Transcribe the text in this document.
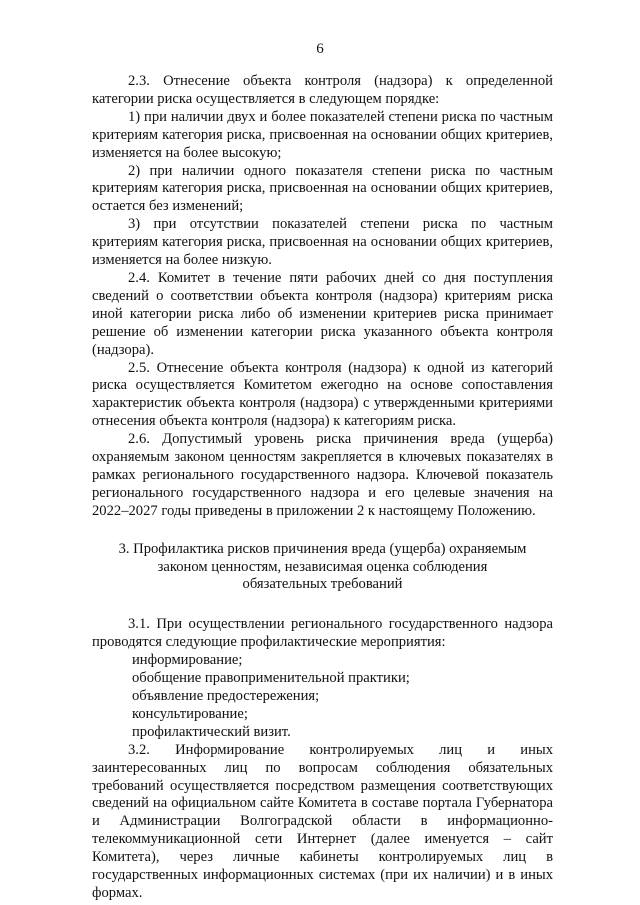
6

2.3. Отнесение объекта контроля (надзора) к определенной категории риска осуществляется в следующем порядке:

1) при наличии двух и более показателей степени риска по частным критериям категория риска, присвоенная на основании общих критериев, изменяется на более высокую;

2) при наличии одного показателя степени риска по частным критериям категория риска, присвоенная на основании общих критериев, остается без изменений;

3) при отсутствии показателей степени риска по частным критериям категория риска, присвоенная на основании общих критериев, изменяется на более низкую.

2.4. Комитет в течение пяти рабочих дней со дня поступления сведений о соответствии объекта контроля (надзора) критериям риска иной категории риска либо об изменении критериев риска принимает решение об изменении категории риска указанного объекта контроля (надзора).

2.5. Отнесение объекта контроля (надзора) к одной из категорий риска осуществляется Комитетом ежегодно на основе сопоставления характеристик объекта контроля (надзора) с утвержденными критериями отнесения объекта контроля (надзора) к категориям риска.

2.6. Допустимый уровень риска причинения вреда (ущерба) охраняемым законом ценностям закрепляется в ключевых показателях в рамках регионального государственного надзора. Ключевой показатель регионального государственного надзора и его целевые значения на 2022–2027 годы приведены в приложении 2 к настоящему Положению.

3. Профилактика рисков причинения вреда (ущерба) охраняемым
законом ценностям, независимая оценка соблюдения
обязательных требований

3.1. При осуществлении регионального государственного надзора проводятся следующие профилактические мероприятия:

информирование;

обобщение правоприменительной практики;

объявление предостережения;

консультирование;

профилактический визит.

3.2. Информирование контролируемых лиц и иных заинтересованных лиц по вопросам соблюдения обязательных требований осуществляется посредством размещения соответствующих сведений на официальном сайте Комитета в составе портала Губернатора и Администрации Волгоградской области в информационно-телекоммуникационной сети Интернет (далее именуется – сайт Комитета), через личные кабинеты контролируемых лиц в государственных информационных системах (при их наличии) и в иных формах.
